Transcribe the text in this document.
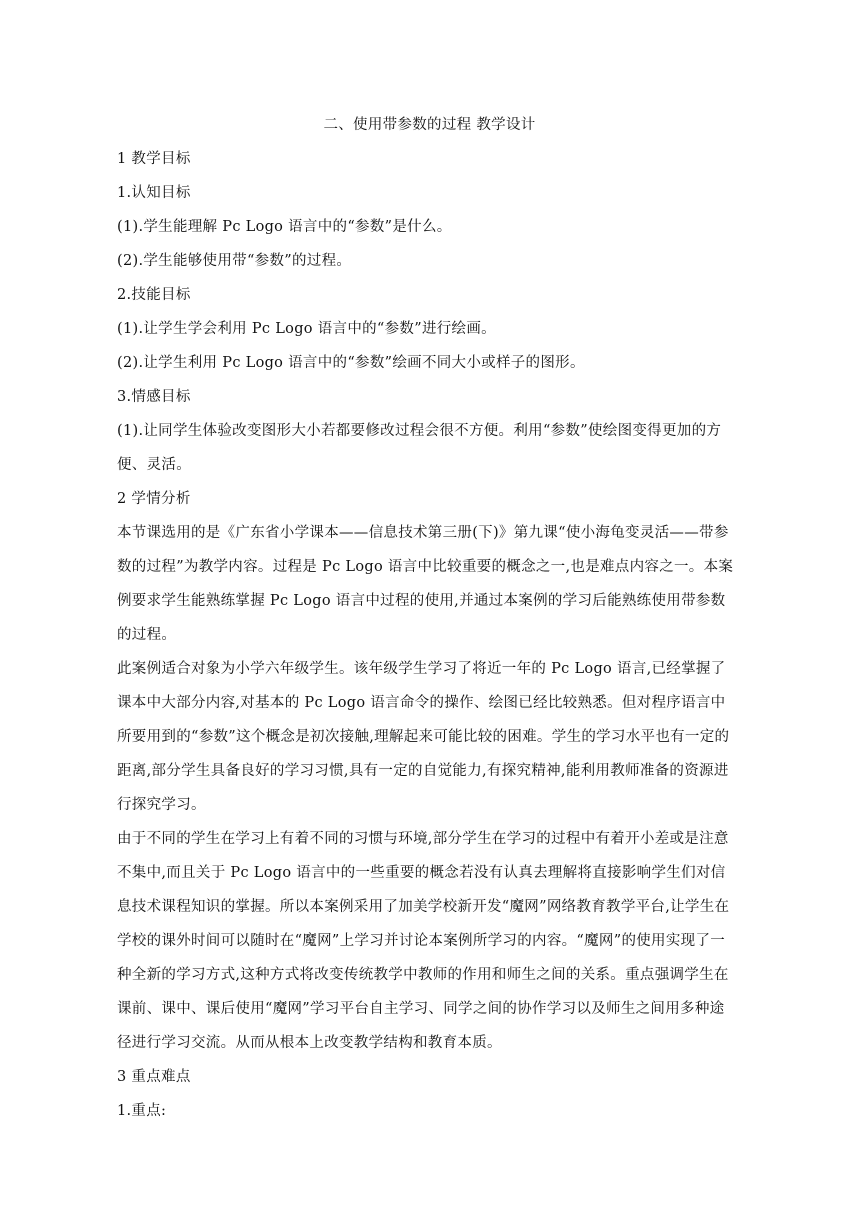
二、使用带参数的过程 教学设计

1 教学目标

1.认知目标

(1).学生能理解 Pc Logo 语言中的“参数”是什么。

(2).学生能够使用带“参数”的过程。

2.技能目标

(1).让学生学会利用 Pc Logo 语言中的“参数”进行绘画。

(2).让学生利用 Pc Logo 语言中的“参数”绘画不同大小或样子的图形。

3.情感目标

(1).让同学生体验改变图形大小若都要修改过程会很不方便。利用“参数”使绘图变得更加的方便、灵活。

2 学情分析

本节课选用的是《广东省小学课本——信息技术第三册(下)》第九课“使小海龟变灵活——带参数的过程”为教学内容。过程是 Pc Logo 语言中比较重要的概念之一,也是难点内容之一。本案例要求学生能熟练掌握 Pc Logo 语言中过程的使用,并通过本案例的学习后能熟练使用带参数的过程。

此案例适合对象为小学六年级学生。该年级学生学习了将近一年的 Pc Logo 语言,已经掌握了课本中大部分内容,对基本的 Pc Logo 语言命令的操作、绘图已经比较熟悉。但对程序语言中所要用到的“参数”这个概念是初次接触,理解起来可能比较的困难。学生的学习水平也有一定的距离,部分学生具备良好的学习习惯,具有一定的自觉能力,有探究精神,能利用教师准备的资源进行探究学习。

由于不同的学生在学习上有着不同的习惯与环境,部分学生在学习的过程中有着开小差或是注意不集中,而且关于 Pc Logo 语言中的一些重要的概念若没有认真去理解将直接影响学生们对信息技术课程知识的掌握。所以本案例采用了加美学校新开发“魔网”网络教育教学平台,让学生在学校的课外时间可以随时在“魔网”上学习并讨论本案例所学习的内容。“魔网”的使用实现了一种全新的学习方式,这种方式将改变传统教学中教师的作用和师生之间的关系。重点强调学生在课前、课中、课后使用“魔网”学习平台自主学习、同学之间的协作学习以及师生之间用多种途径进行学习交流。从而从根本上改变教学结构和教育本质。

3 重点难点

1.重点:
